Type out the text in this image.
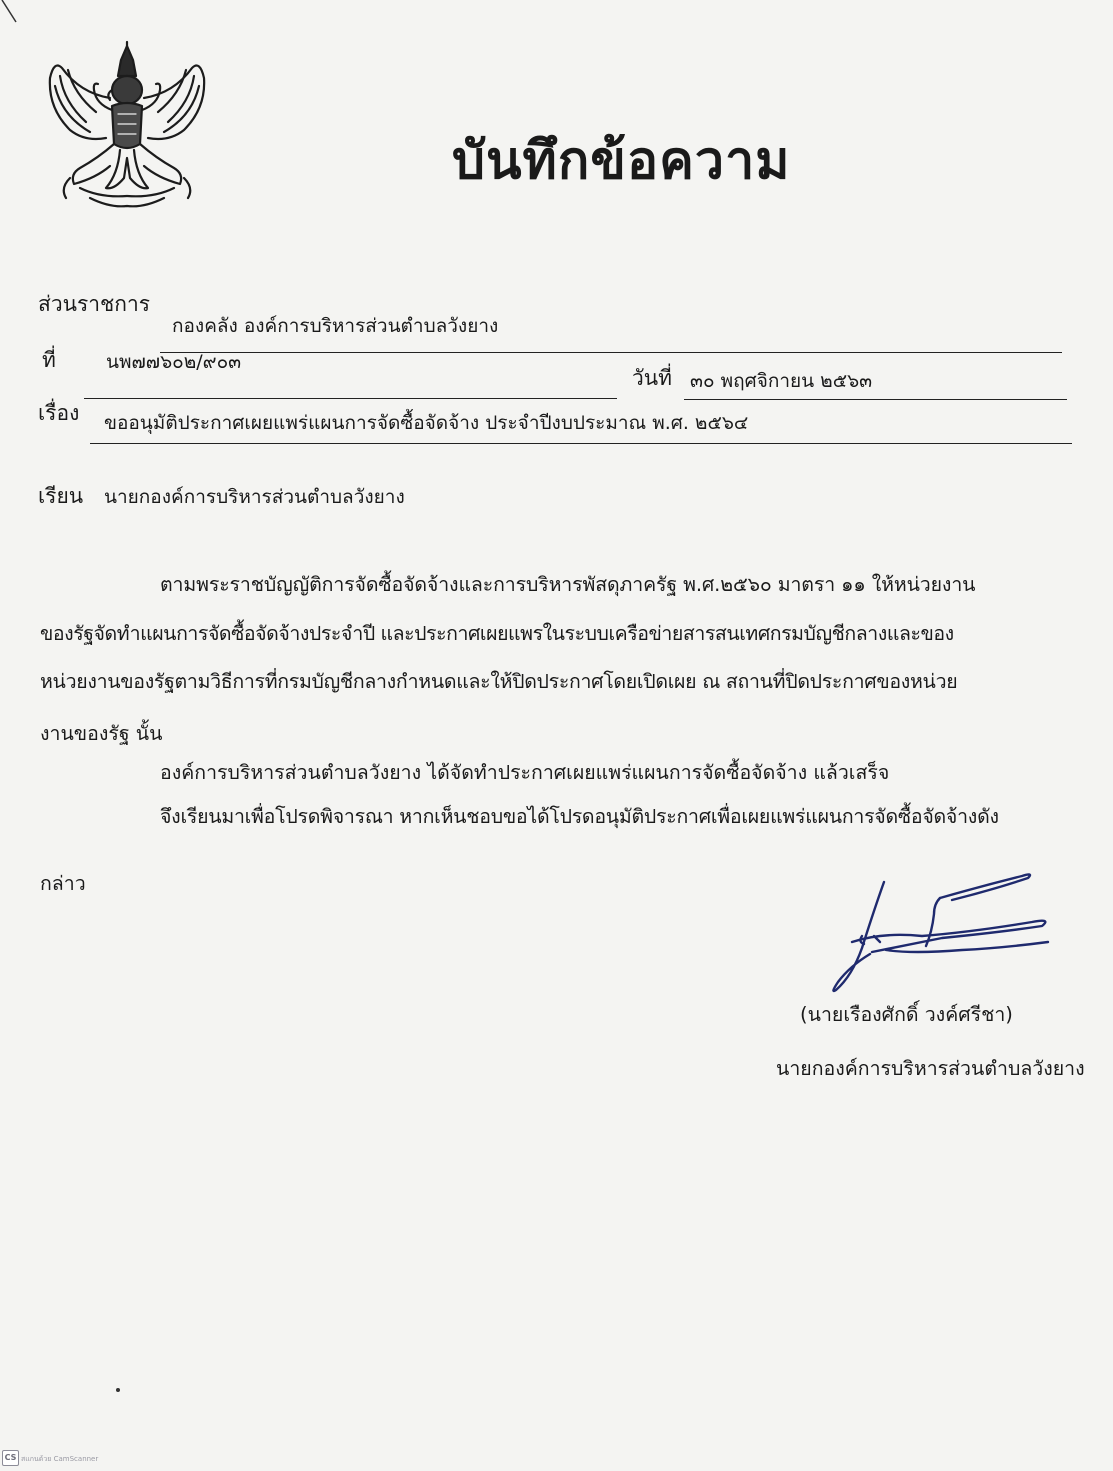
บันทึกข้อความ
ส่วนราชการ
กองคลัง องค์การบริหารส่วนตำบลวังยาง
ที่	นพ๗๗๖๐๒/๙๐๓
วันที่ ๓๐ พฤศจิกายน ๒๕๖๓
เรื่อง ขออนุมัติประกาศเผยแพร่แผนการจัดซื้อจัดจ้าง ประจำปีงบประมาณ พ.ศ. ๒๕๖๔
เรียน นายกองค์การบริหารส่วนตำบลวังยาง
ตามพระราชบัญญัติการจัดซื้อจัดจ้างและการบริหารพัสดุภาครัฐ พ.ศ.๒๕๖๐ มาตรา ๑๑ ให้หน่วยงาน
ของรัฐจัดทำแผนการจัดซื้อจัดจ้างประจำปี และประกาศเผยแพรในระบบเครือข่ายสารสนเทศกรมบัญชีกลางและของ
หน่วยงานของรัฐตามวิธีการที่กรมบัญชีกลางกำหนดและให้ปิดประกาศโดยเปิดเผย ณ สถานที่ปิดประกาศของหน่วย
งานของรัฐ นั้น
องค์การบริหารส่วนตำบลวังยาง ได้จัดทำประกาศเผยแพร่แผนการจัดซื้อจัดจ้าง แล้วเสร็จ
จึงเรียนมาเพื่อโปรดพิจารณา หากเห็นชอบขอได้โปรดอนุมัติประกาศเพื่อเผยแพร่แผนการจัดซื้อจัดจ้างดัง
กล่าว
(นายเรืองศักดิ์ วงค์ศรีชา)
นายกองค์การบริหารส่วนตำบลวังยาง
CS สแกนด้วย CamScanner
